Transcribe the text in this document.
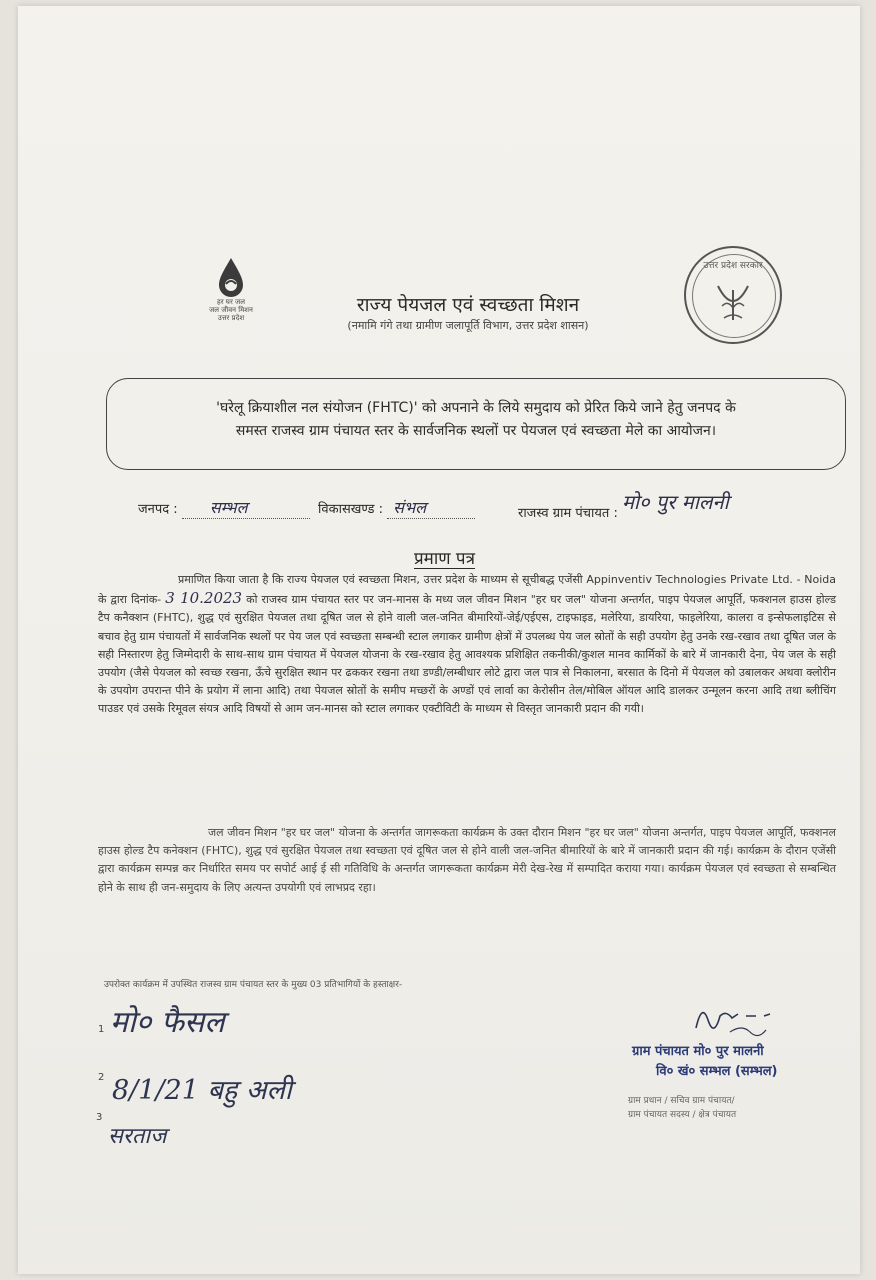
हर घर जल
जल जीवन मिशन
उत्तर प्रदेश
उत्तर प्रदेश सरकार
राज्य पेयजल एवं स्वच्छता मिशन
(नमामि गंगे तथा ग्रामीण जलापूर्ति विभाग, उत्तर प्रदेश शासन)
'घरेलू क्रियाशील नल संयोजन (FHTC)' को अपनाने के लिये समुदाय को प्रेरित किये जाने हेतु जनपद के
समस्त राजस्व ग्राम पंचायत स्तर के सार्वजनिक स्थलों पर पेयजल एवं स्वच्छता मेले का आयोजन।
जनपद : सम्भल	विकासखण्ड : संभल	राजस्व ग्राम पंचायत : मो० पुर मालनी
प्रमाण पत्र
प्रमाणित किया जाता है कि राज्य पेयजल एवं स्वच्छता मिशन, उत्तर प्रदेश के माध्यम से सूचीबद्ध एजेंसी Appinventiv Technologies Private Ltd. - Noida के द्वारा दिनांक- 3 10.2023 को राजस्व ग्राम पंचायत स्तर पर जन-मानस के मध्य जल जीवन मिशन "हर घर जल" योजना अन्तर्गत, पाइप पेयजल आपूर्ति, फक्शनल हाउस होल्ड टैप कनैक्शन (FHTC), शुद्ध एवं सुरक्षित पेयजल तथा दूषित जल से होने वाली जल-जनित बीमारियों-जेई/एईएस, टाइफाइड, मलेरिया, डायरिया, फाइलेरिया, कालरा व इन्सेफलाइटिस से बचाव हेतु ग्राम पंचायतों में सार्वजनिक स्थलों पर पेय जल एवं स्वच्छता सम्बन्धी स्टाल लगाकर ग्रामीण क्षेत्रों में उपलब्ध पेय जल स्रोतों के सही उपयोग हेतु उनके रख-रखाव तथा दूषित जल के सही निस्तारण हेतु जिम्मेदारी के साथ-साथ ग्राम पंचायत में पेयजल योजना के रख-रखाव हेतु आवश्यक प्रशिक्षित तकनीकी/कुशल मानव कार्मिकों के बारे में जानकारी देना, पेय जल के सही उपयोग (जैसे पेयजल को स्वच्छ रखना, ऊँचे सुरक्षित स्थान पर ढककर रखना तथा डण्डी/लम्बीधार लोटे द्वारा जल पात्र से निकालना, बरसात के दिनो में पेयजल को उबालकर अथवा क्लोरीन के उपयोग उपरान्त पीने के प्रयोग में लाना आदि) तथा पेयजल स्रोतों के समीप मच्छरों के अण्डों एवं लार्वा का केरोसीन तेल/मोबिल ऑयल आदि डालकर उन्मूलन करना आदि तथा ब्लीचिंग पाउडर एवं उसके रिमूवल संयत्र आदि विषयों से आम जन-मानस को स्टाल लगाकर एक्टीविटी के माध्यम से विस्तृत जानकारी प्रदान की गयी।
जल जीवन मिशन "हर घर जल" योजना के अन्तर्गत जागरूकता कार्यक्रम के उक्त दौरान मिशन "हर घर जल" योजना अन्तर्गत, पाइप पेयजल आपूर्ति, फक्शनल हाउस होल्ड टैप कनेक्शन (FHTC), शुद्ध एवं सुरक्षित पेयजल तथा स्वच्छता एवं दूषित जल से होने वाली जल-जनित बीमारियों के बारे में जानकारी प्रदान की गई। कार्यक्रम के दौरान एजेंसी द्वारा कार्यक्रम सम्पन्न कर निर्धारित समय पर सपोर्ट आई ई सी गतिविधि के अन्तर्गत जागरूकता कार्यक्रम मेरी देख-रेख में सम्पादित कराया गया। कार्यक्रम पेयजल एवं स्वच्छता से सम्बन्धित होने के साथ ही जन-समुदाय के लिए अत्यन्त उपयोगी एवं लाभप्रद रहा।
उपरोक्त कार्यक्रम में उपस्थित राजस्व ग्राम पंचायत स्तर के मुख्य 03 प्रतिभागियों के हस्ताक्षर-
1 मो० फैसल
2 8/1/21 बहु अली
3
सरताज
ग्राम पंचायत मो० पुर मालनी
वि० खं० सम्भल (सम्भल)
ग्राम प्रधान / सचिव ग्राम पंचायत/
ग्राम पंचायत सदस्य / क्षेत्र पंचायत
